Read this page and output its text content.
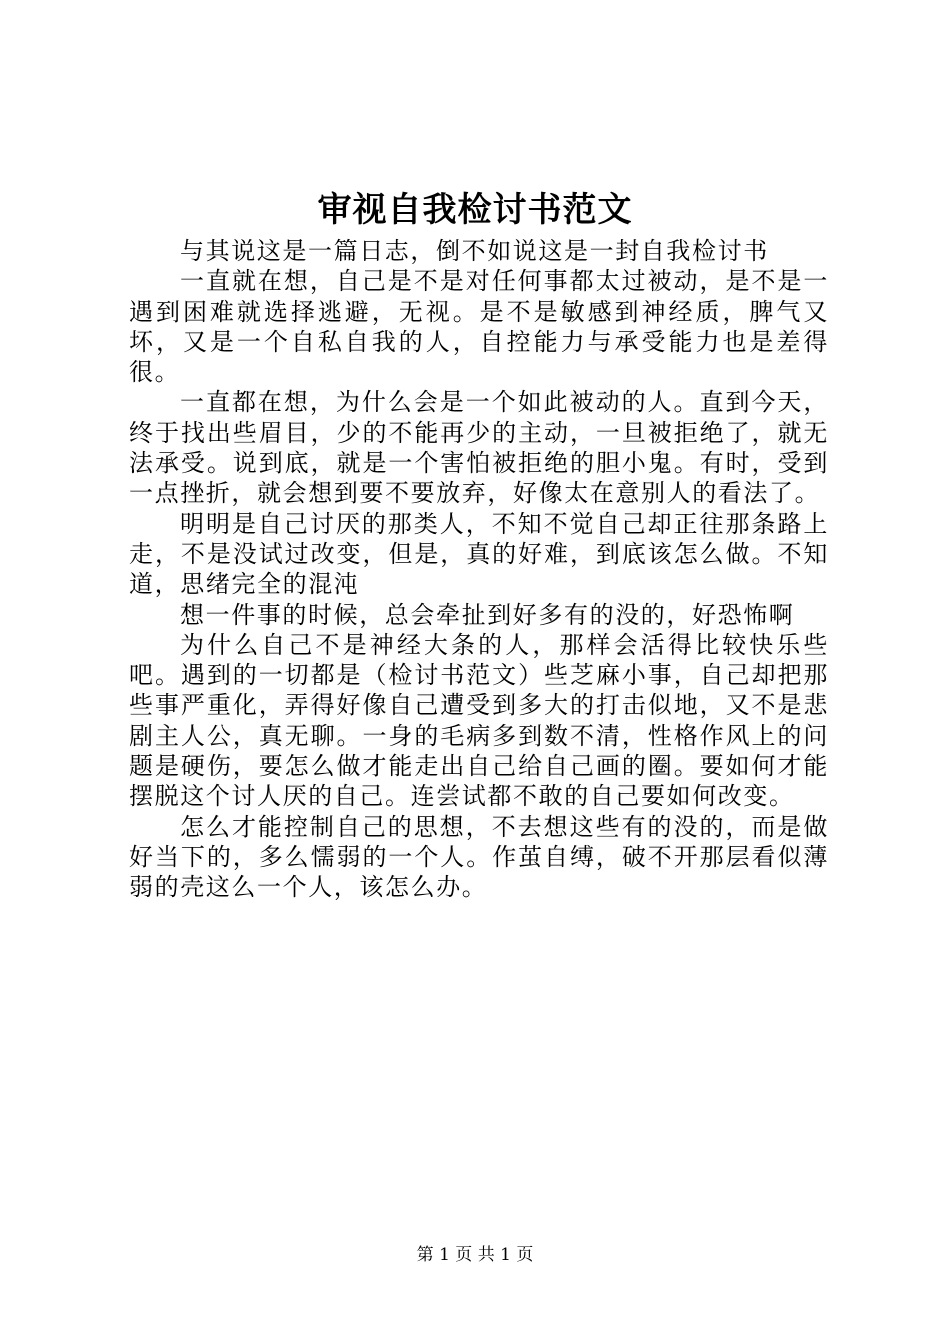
审视自我检讨书范文

与其说这是一篇日志，倒不如说这是一封自我检讨书

一直就在想，自己是不是对任何事都太过被动，是不是一遇到困难就选择逃避，无视。是不是敏感到神经质，脾气又坏，又是一个自私自我的人，自控能力与承受能力也是差得很。

一直都在想，为什么会是一个如此被动的人。直到今天，终于找出些眉目，少的不能再少的主动，一旦被拒绝了，就无法承受。说到底，就是一个害怕被拒绝的胆小鬼。有时，受到一点挫折，就会想到要不要放弃，好像太在意别人的看法了。

明明是自己讨厌的那类人，不知不觉自己却正往那条路上走，不是没试过改变，但是，真的好难，到底该怎么做。不知道，思绪完全的混沌

想一件事的时候，总会牵扯到好多有的没的，好恐怖啊

为什么自己不是神经大条的人，那样会活得比较快乐些吧。遇到的一切都是（检讨书范文）些芝麻小事，自己却把那些事严重化，弄得好像自己遭受到多大的打击似地，又不是悲剧主人公，真无聊。一身的毛病多到数不清，性格作风上的问题是硬伤，要怎么做才能走出自己给自己画的圈。要如何才能摆脱这个讨人厌的自己。连尝试都不敢的自己要如何改变。

怎么才能控制自己的思想，不去想这些有的没的，而是做好当下的，多么懦弱的一个人。作茧自缚，破不开那层看似薄弱的壳这么一个人，该怎么办。

第 1 页 共 1 页
